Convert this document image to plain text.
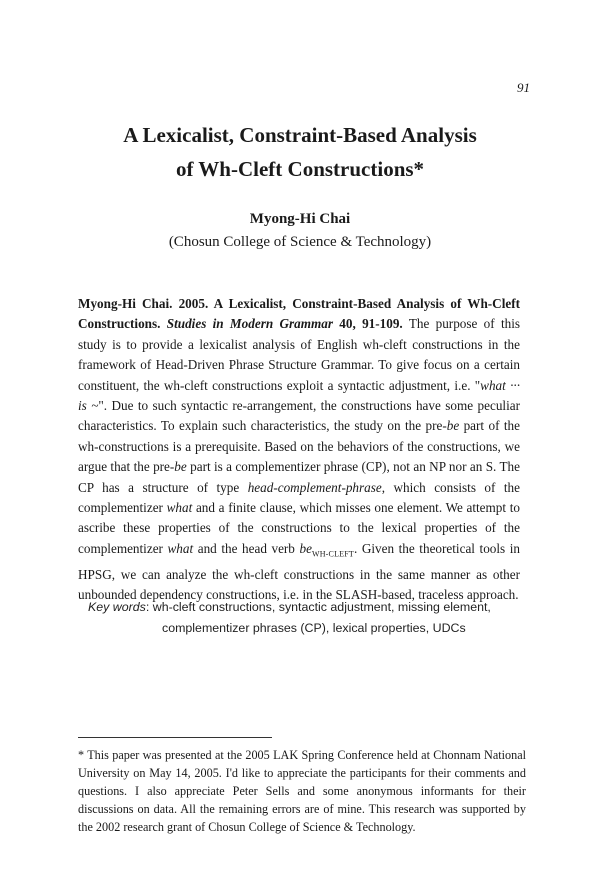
91
A Lexicalist, Constraint-Based Analysis
of Wh-Cleft Constructions*
Myong-Hi Chai
(Chosun College of Science & Technology)

Myong-Hi Chai. 2005. A Lexicalist, Constraint-Based Analysis of Wh-Cleft Constructions. Studies in Modern Grammar 40, 91-109. The purpose of this study is to provide a lexicalist analysis of English wh-cleft constructions in the framework of Head-Driven Phrase Structure Grammar. To give focus on a certain constituent, the wh-cleft constructions exploit a syntactic adjustment, i.e. "what ··· is ~". Due to such syntactic re-arrangement, the constructions have some peculiar characteristics. To explain such characteristics, the study on the pre-be part of the wh-constructions is a prerequisite. Based on the behaviors of the constructions, we argue that the pre-be part is a complementizer phrase (CP), not an NP nor an S. The CP has a structure of type head-complement-phrase, which consists of the complementizer what and a finite clause, which misses one element. We attempt to ascribe these properties of the constructions to the lexical properties of the complementizer what and the head verb $be_{WH-CLEFT}$. Given the theoretical tools in HPSG, we can analyze the wh-cleft constructions in the same manner as other unbounded dependency constructions, i.e. in the SLASH-based, traceless approach.

Key words: wh-cleft constructions, syntactic adjustment, missing element,
complementizer phrases (CP), lexical properties, UDCs

* This paper was presented at the 2005 LAK Spring Conference held at Chonnam National University on May 14, 2005. I'd like to appreciate the participants for their comments and questions. I also appreciate Peter Sells and some anonymous informants for their discussions on data. All the remaining errors are of mine. This research was supported by the 2002 research grant of Chosun College of Science & Technology.
